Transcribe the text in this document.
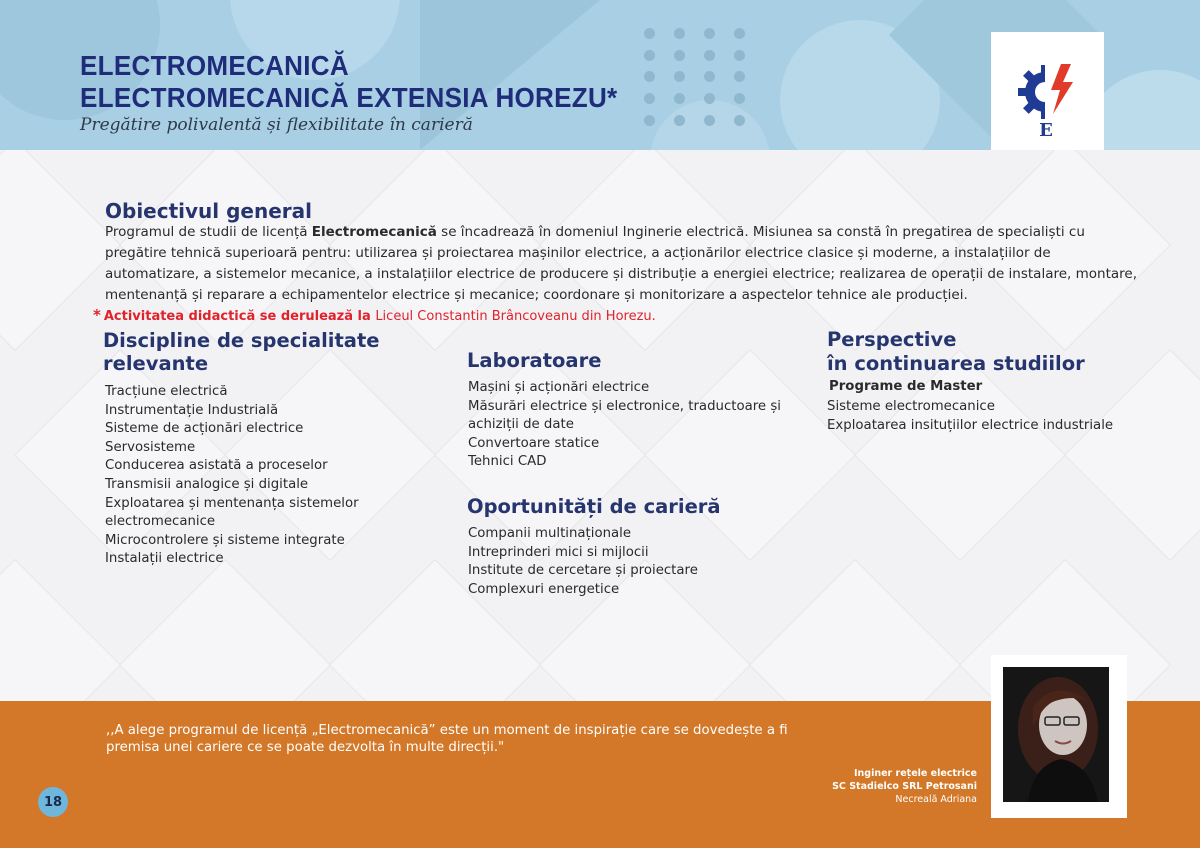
ELECTROMECANICĂ
ELECTROMECANICĂ EXTENSIA HOREZU*
Pregătire polivalentă și flexibilitate în carieră	E
Obiectivul general
Programul de studii de licență Electromecanică se încadrează în domeniul Inginerie electrică. Misiunea sa constă în pregatirea de specialiști cu pregătire tehnică superioară pentru: utilizarea și proiectarea mașinilor electrice, a acționărilor electrice clasice și moderne, a instalațiilor de automatizare, a sistemelor mecanice, a instalațiilor electrice de producere și distribuție a energiei electrice; realizarea de operații de instalare, montare, mentenanță și reparare a echipamentelor electrice și mecanice; coordonare și monitorizare a aspectelor tehnice ale producției.
* Activitatea didactică se derulează la Liceul Constantin Brâncoveanu din Horezu.
Discipline de specialitate
relevante
Tracțiune electrică
Instrumentație Industrială
Sisteme de acționări electrice
Servosisteme
Conducerea asistată a proceselor
Transmisii analogice și digitale
Exploatarea și mentenanța sistemelor
electromecanice
Microcontrolere și sisteme integrate
Instalații electrice
Laboratoare
Mașini și acționări electrice
Măsurări electrice și electronice, traductoare și
achiziții de date
Convertoare statice
Tehnici CAD
Oportunități de carieră
Companii multinaționale
Intreprinderi mici si mijlocii
Institute de cercetare și proiectare
Complexuri energetice
Perspective
în continuarea studiilor
Programe de Master
Sisteme electromecanice
Exploatarea insituțiilor electrice industriale
,,A alege programul de licență „Electromecanică” este un moment de inspirație care se dovedește a fi
premisa unei cariere ce se poate dezvolta în multe direcții."
Inginer rețele electrice
SC Stadielco SRL Petrosani
Necreală Adriana
18
